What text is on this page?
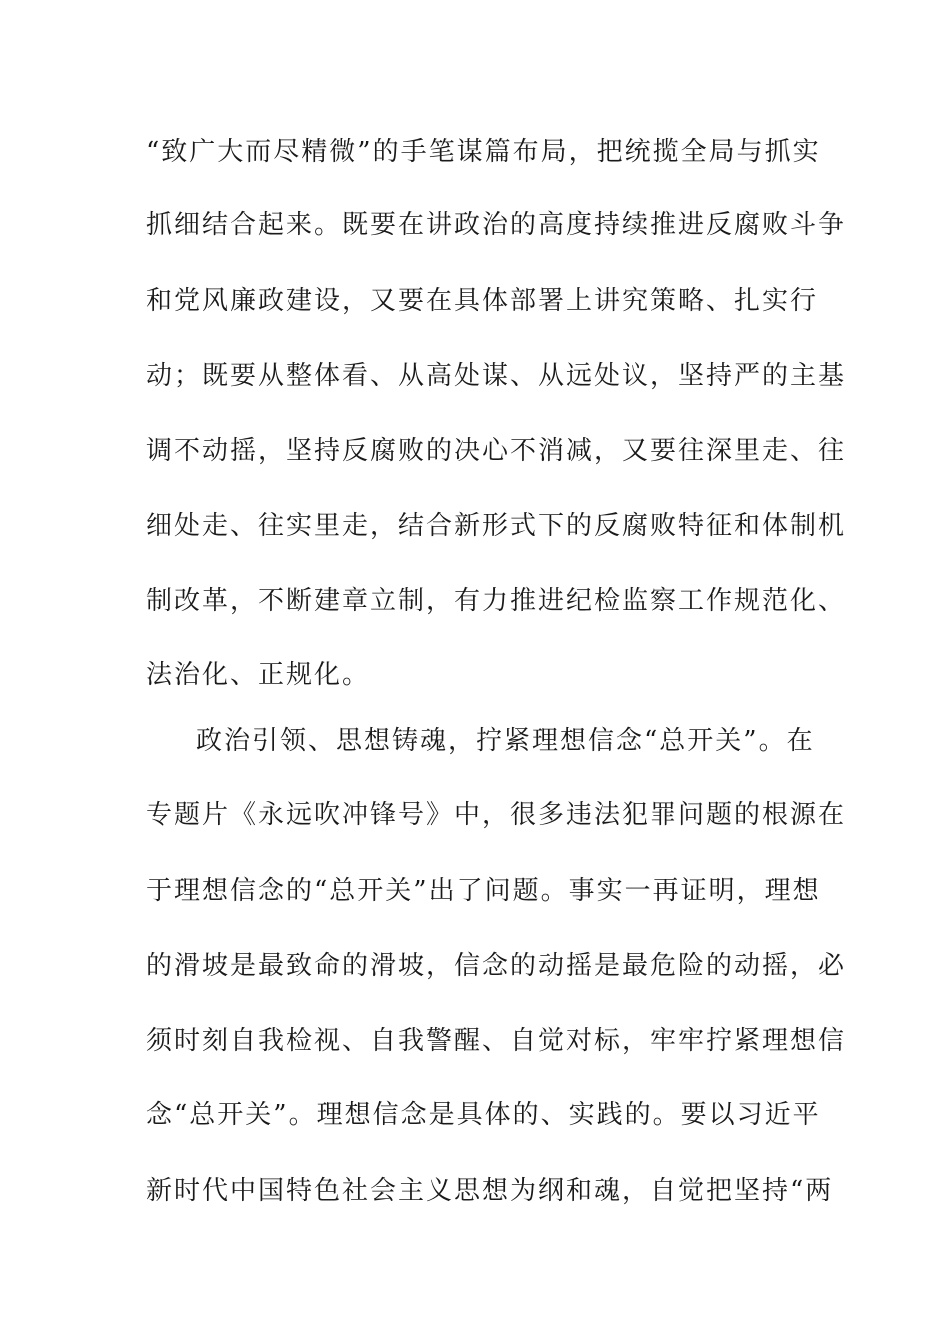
“致广大而尽精微”的手笔谋篇布局，把统揽全局与抓实
抓细结合起来。既要在讲政治的高度持续推进反腐败斗争
和党风廉政建设，又要在具体部署上讲究策略、扎实行
动；既要从整体看、从高处谋、从远处议，坚持严的主基
调不动摇，坚持反腐败的决心不消减，又要往深里走、往
细处走、往实里走，结合新形式下的反腐败特征和体制机
制改革，不断建章立制，有力推进纪检监察工作规范化、
法治化、正规化。
政治引领、思想铸魂，拧紧理想信念“总开关”。在
专题片《永远吹冲锋号》中，很多违法犯罪问题的根源在
于理想信念的“总开关”出了问题。事实一再证明，理想
的滑坡是最致命的滑坡，信念的动摇是最危险的动摇，必
须时刻自我检视、自我警醒、自觉对标，牢牢拧紧理想信
念“总开关”。理想信念是具体的、实践的。要以习近平
新时代中国特色社会主义思想为纲和魂，自觉把坚持“两
